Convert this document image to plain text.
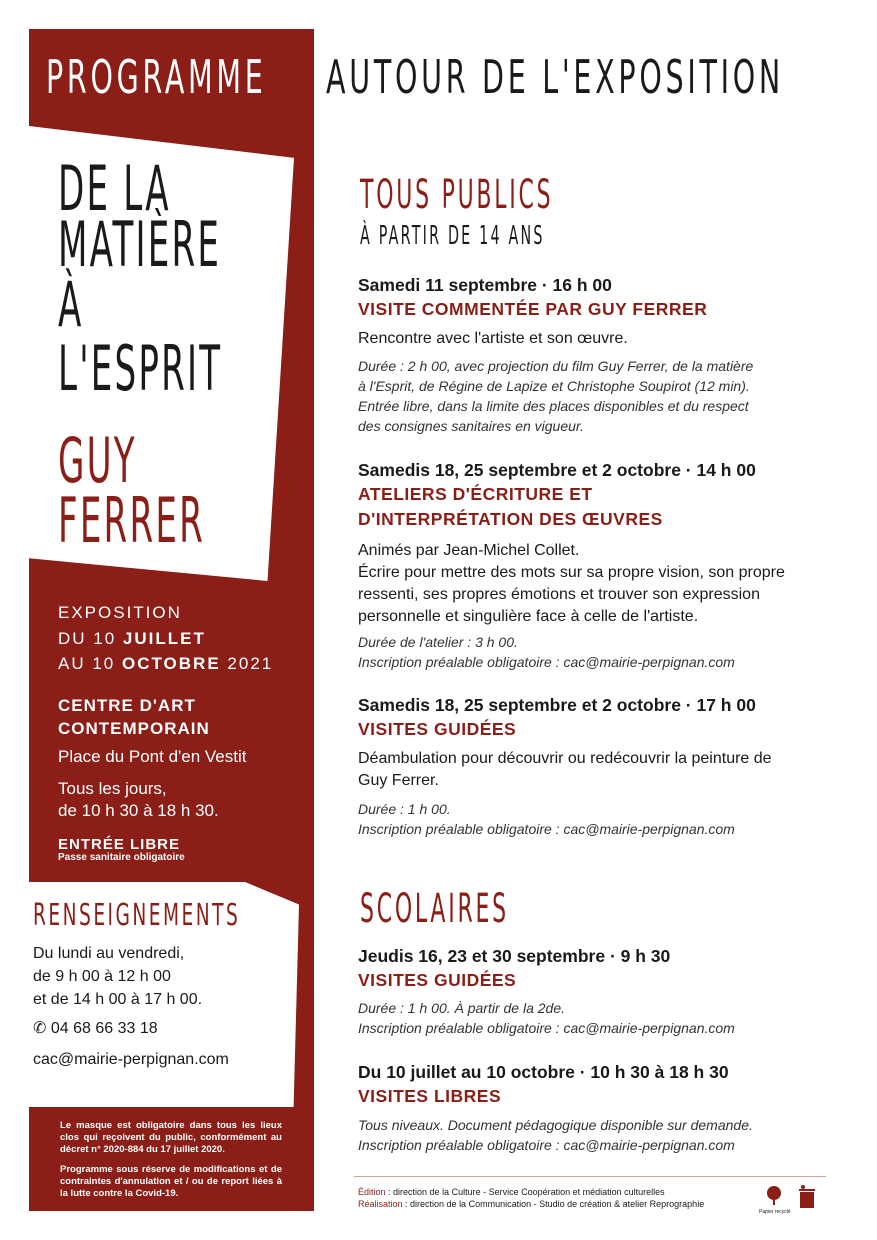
PROGRAMME AUTOUR DE L'EXPOSITION
DE LA
MATIÈRE
À
L'ESPRIT
GUY
FERRER
EXPOSITION
DU 10 JUILLET
AU 10 OCTOBRE 2021
CENTRE D'ART
CONTEMPORAIN
Place du Pont d'en Vestit
Tous les jours,
de 10 h 30 à 18 h 30.
ENTRÉE LIBRE
Passe sanitaire obligatoire
RENSEIGNEMENTS
Du lundi au vendredi,
de 9 h 00 à 12 h 00
et de 14 h 00 à 17 h 00.
✆ 04 68 66 33 18
cac@mairie-perpignan.com
Le masque est obligatoire dans tous les lieux clos qui reçoivent du public, conformément au décret n° 2020-884 du 17 juillet 2020.
Programme sous réserve de modifications et de contraintes d'annulation et / ou de report liées à la lutte contre la Covid-19.
TOUS PUBLICS
À PARTIR DE 14 ANS
Samedi 11 septembre · 16 h 00
VISITE COMMENTÉE PAR GUY FERRER
Rencontre avec l'artiste et son œuvre.
Durée : 2 h 00, avec projection du film Guy Ferrer, de la matière
à l'Esprit, de Régine de Lapize et Christophe Soupirot (12 min).
Entrée libre, dans la limite des places disponibles et du respect
des consignes sanitaires en vigueur.
Samedis 18, 25 septembre et 2 octobre · 14 h 00
ATELIERS D'ÉCRITURE ET
D'INTERPRÉTATION DES ŒUVRES
Animés par Jean-Michel Collet.
Écrire pour mettre des mots sur sa propre vision, son propre
ressenti, ses propres émotions et trouver son expression
personnelle et singulière face à celle de l'artiste.
Durée de l'atelier : 3 h 00.
Inscription préalable obligatoire : cac@mairie-perpignan.com
Samedis 18, 25 septembre et 2 octobre · 17 h 00
VISITES GUIDÉES
Déambulation pour découvrir ou redécouvrir la peinture de
Guy Ferrer.
Durée : 1 h 00.
Inscription préalable obligatoire : cac@mairie-perpignan.com
SCOLAIRES
Jeudis 16, 23 et 30 septembre · 9 h 30
VISITES GUIDÉES
Durée : 1 h 00. À partir de la 2de.
Inscription préalable obligatoire : cac@mairie-perpignan.com
Du 10 juillet au 10 octobre · 10 h 30 à 18 h 30
VISITES LIBRES
Tous niveaux. Document pédagogique disponible sur demande.
Inscription préalable obligatoire : cac@mairie-perpignan.com
Édition : direction de la Culture - Service Coopération et médiation culturelles
Réalisation : direction de la Communication - Studio de création & atelier Reprographie
Papier recyclé
